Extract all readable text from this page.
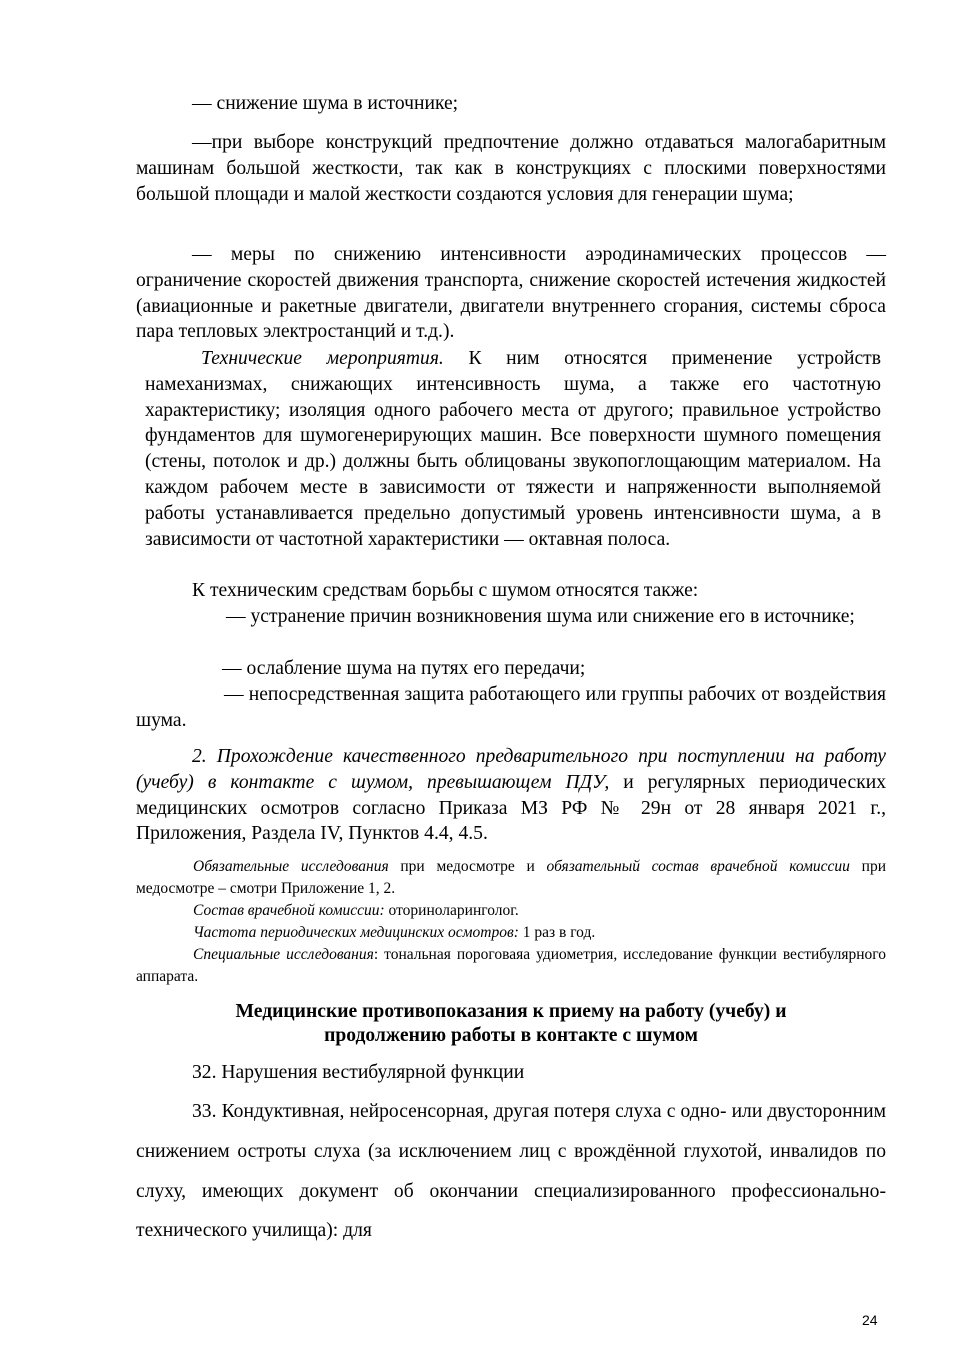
— снижение шума в источнике;

—при выборе конструкций предпочтение должно отдаваться малогабаритным машинам большой жесткости, так как в конструкциях с плоскими поверхностями большой площади и малой жесткости создаются условия для генерации шума;

— меры по снижению интенсивности аэродинамических процессов — ограничение скоростей движения транспорта, снижение скоростей истечения жидкостей (авиационные и ракетные двигатели, двигатели внутреннего сгорания, системы сброса пара тепловых электростанций и т.д.).

Технические мероприятия. К ним относятся применение устройств намеханизмах, снижающих интенсивность шума, а также его частотную характеристику; изоляция одного рабочего места от другого; правильное устройство фундаментов для шумогенерирующих машин. Все поверхности шумного помещения (стены, потолок и др.) должны быть облицованы звукопоглощающим материалом. На каждом рабочем месте в зависимости от тяжести и напряженности выполняемой работы устанавливается предельно допустимый уровень интенсивности шума, а в зависимости от частотной характеристики — октавная полоса.

К техническим средствам борьбы с шумом относятся также:

— устранение причин возникновения шума или снижение его в источнике;

— ослабление шума на путях его передачи;

— непосредственная защита работающего или группы рабочих от воздействия шума.

2. Прохождение качественного предварительного при поступлении на работу (учебу) в контакте с шумом, превышающем ПДУ, и регулярных периодических медицинских осмотров согласно Приказа МЗ РФ № 29н от 28 января 2021 г., Приложения, Раздела IV, Пунктов 4.4, 4.5.

Обязательные исследования при медосмотре и обязательный состав врачебной комиссии при медосмотре – смотри Приложение 1, 2.

Состав врачебной комиссии: оториноларинголог.

Частота периодических медицинских осмотров: 1 раз в год.

Специальные исследования: тональная пороговаяа удиометрия, исследование функции вестибулярного аппарата.

Медицинские противопоказания к приему на работу (учебу) и

продолжению работы в контакте с шумом

32. Нарушения вестибулярной функции

33. Кондуктивная, нейросенсорная, другая потеря слуха с одно- или двусторонним снижением остроты слуха (за исключением лиц с врождённой глухотой, инвалидов по слуху, имеющих документ об окончании специализированного профессионально-технического училища): для

24
